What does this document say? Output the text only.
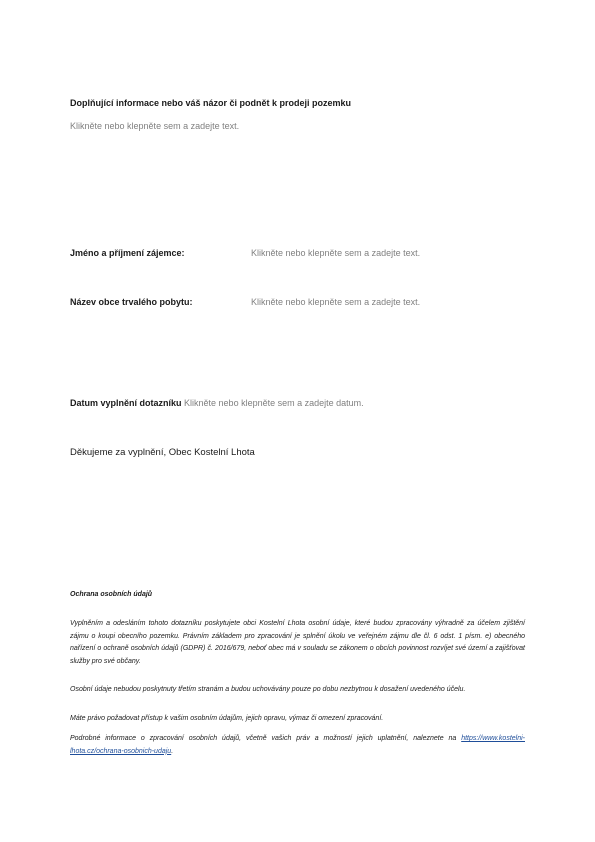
Doplňující informace nebo váš názor či podnět k prodeji pozemku
Klikněte nebo klepněte sem a zadejte text.
Jméno a příjmení zájemce:	Klikněte nebo klepněte sem a zadejte text.
Název obce trvalého pobytu:	Klikněte nebo klepněte sem a zadejte text.
Datum vyplnění dotazníku Klikněte nebo klepněte sem a zadejte datum.
Děkujeme za vyplnění, Obec Kostelní Lhota
Ochrana osobních údajů
Vyplněním a odesláním tohoto dotazníku poskytujete obci Kostelní Lhota osobní údaje, které budou zpracovány výhradně za účelem zjištění zájmu o koupi obecního pozemku. Právním základem pro zpracování je splnění úkolu ve veřejném zájmu dle čl. 6 odst. 1 písm. e) obecného nařízení o ochraně osobních údajů (GDPR) č. 2016/679, neboť obec má v souladu se zákonem o obcích povinnost rozvíjet své území a zajišťovat služby pro své občany.
Osobní údaje nebudou poskytnuty třetím stranám a budou uchovávány pouze po dobu nezbytnou k dosažení uvedeného účelu.
Máte právo požadovat přístup k vašim osobním údajům, jejich opravu, výmaz či omezení zpracování.
Podrobné informace o zpracování osobních údajů, včetně vašich práv a možností jejich uplatnění, naleznete na https://www.kostelni-lhota.cz/ochrana-osobnich-udaju.
